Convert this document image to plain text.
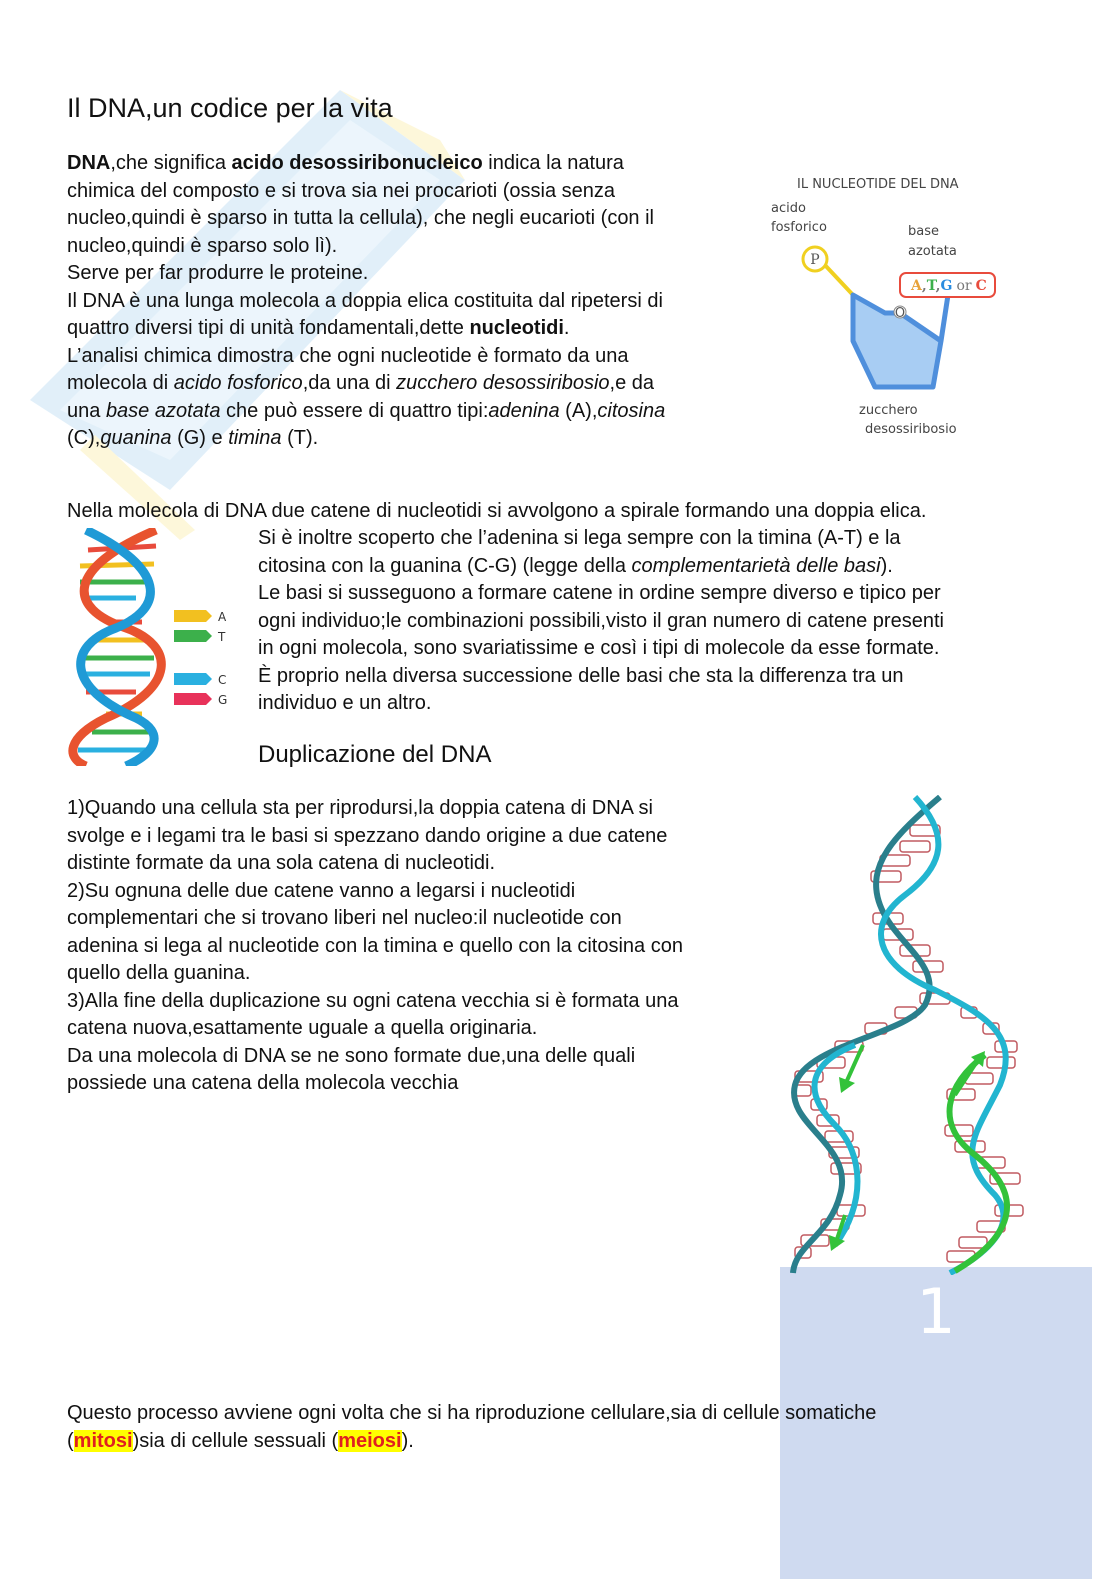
Il DNA,un codice per la vita

DNA,che significa acido desossiribonucleico indica la natura

chimica del composto e si trova sia nei procarioti (ossia senza

nucleo,quindi è sparso in tutta la cellula), che negli eucarioti (con il

nucleo,quindi è sparso solo lì).

Serve per far produrre le proteine.

Il DNA è una lunga molecola a doppia elica costituita dal ripetersi di

quattro diversi tipi di unità fondamentali,dette nucleotidi.

L’analisi chimica dimostra che ogni nucleotide è formato da una

molecola di acido fosforico,da una di zucchero desossiribosio,e da

una base azotata che può essere di quattro tipi:adenina (A),citosina

(C),guanina (G) e timina (T).

IL NUCLEOTIDE DEL DNA
acido
fosforico	base
azotata
zucchero
desossiribosio
P
O
A,T,G or C

Nella molecola di DNA due catene di nucleotidi si avvolgono a spirale formando una doppia elica.

A
T
C
G

Si è inoltre scoperto che l’adenina si lega sempre con la timina (A-T) e la

citosina con la guanina (C-G) (legge della complementarietà delle basi).

Le basi si susseguono a formare catene in ordine sempre diverso e tipico per

ogni individuo;le combinazioni possibili,visto il gran numero di catene presenti

in ogni molecola, sono svariatissime e così i tipi di molecole da esse formate.

È proprio nella diversa successione delle basi che sta la differenza tra un

individuo e un altro.

Duplicazione del DNA

1)Quando una cellula sta per riprodursi,la doppia catena di DNA si

svolge e i legami tra le basi si spezzano dando origine a due catene

distinte formate da una sola catena di nucleotidi.

2)Su ognuna delle due catene vanno a legarsi i nucleotidi

complementari che si trovano liberi nel nucleo:il nucleotide con

adenina si lega al nucleotide con la timina e quello con la citosina con

quello della guanina.

3)Alla fine della duplicazione su ogni catena vecchia si è formata una

catena nuova,esattamente uguale a quella originaria.

Da una molecola di DNA se ne sono formate due,una delle quali

possiede una catena della molecola vecchia

1

Questo processo avviene ogni volta che si ha riproduzione cellulare,sia di cellule somatiche

(mitosi)sia di cellule sessuali (meiosi).
